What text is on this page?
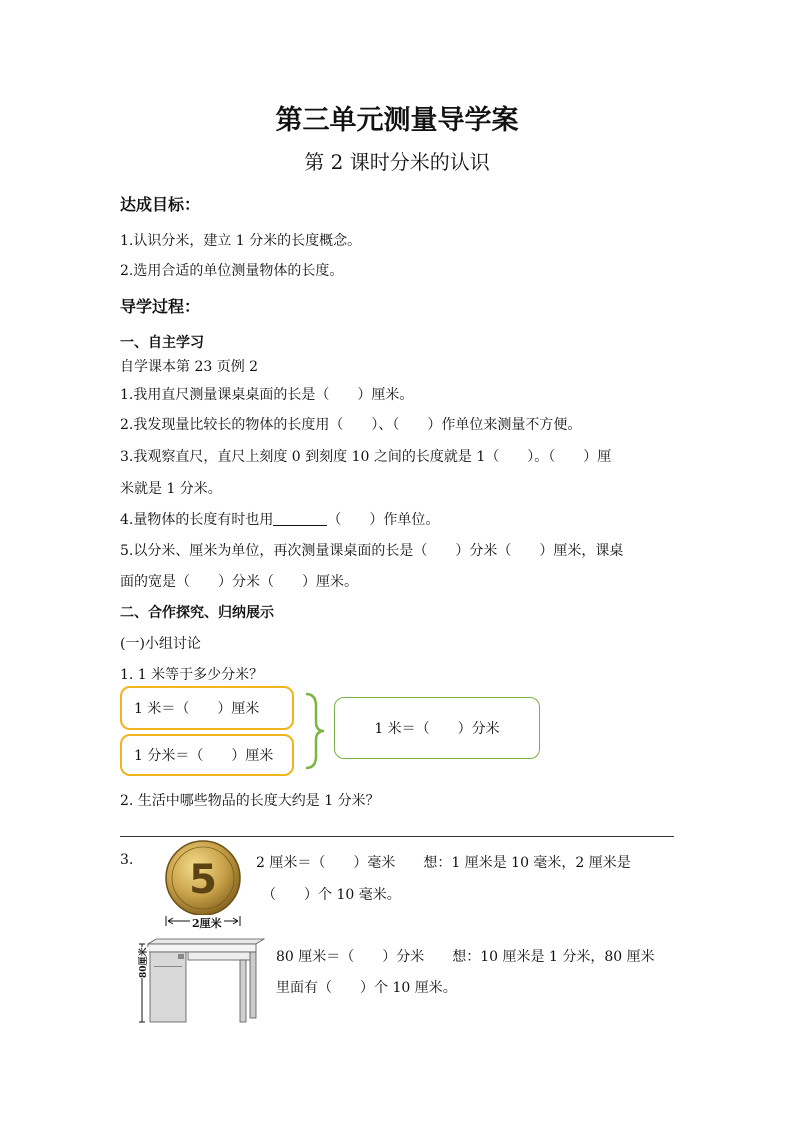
第三单元测量导学案
第 2 课时分米的认识
达成目标：
1.认识分米，建立 1 分米的长度概念。
2.选用合适的单位测量物体的长度。
导学过程：
一、自主学习
自学课本第 23 页例 2
1.我用直尺测量课桌桌面的长是（　　）厘米。
2.我发现量比较长的物体的长度用（　　）、（　　）作单位来测量不方便。
3.我观察直尺，直尺上刻度 0 到刻度 10 之间的长度就是 1（　　）。（　　）厘
米就是 1 分米。
4.量物体的长度有时也用	（　　）作单位。
5.以分米、厘米为单位，再次测量课桌面的长是（　　）分米（　　）厘米，课桌
面的宽是（　　）分米（　　）厘米。
二、合作探究、归纳展示
(一)小组讨论
1. 1 米等于多少分米？
1 米＝（　　）厘米
1 分米＝（　　）厘米
1 米＝（　　）分米
2. 生活中哪些物品的长度大约是 1 分米？
3. 5
2厘米
2 厘米＝（　　）毫米　　想：1 厘米是 10 毫米，2 厘米是
（　　）个 10 毫米。
80厘米	80 厘米＝（　　）分米　　想：10 厘米是 1 分米，80 厘米
里面有（　　）个 10 厘米。
